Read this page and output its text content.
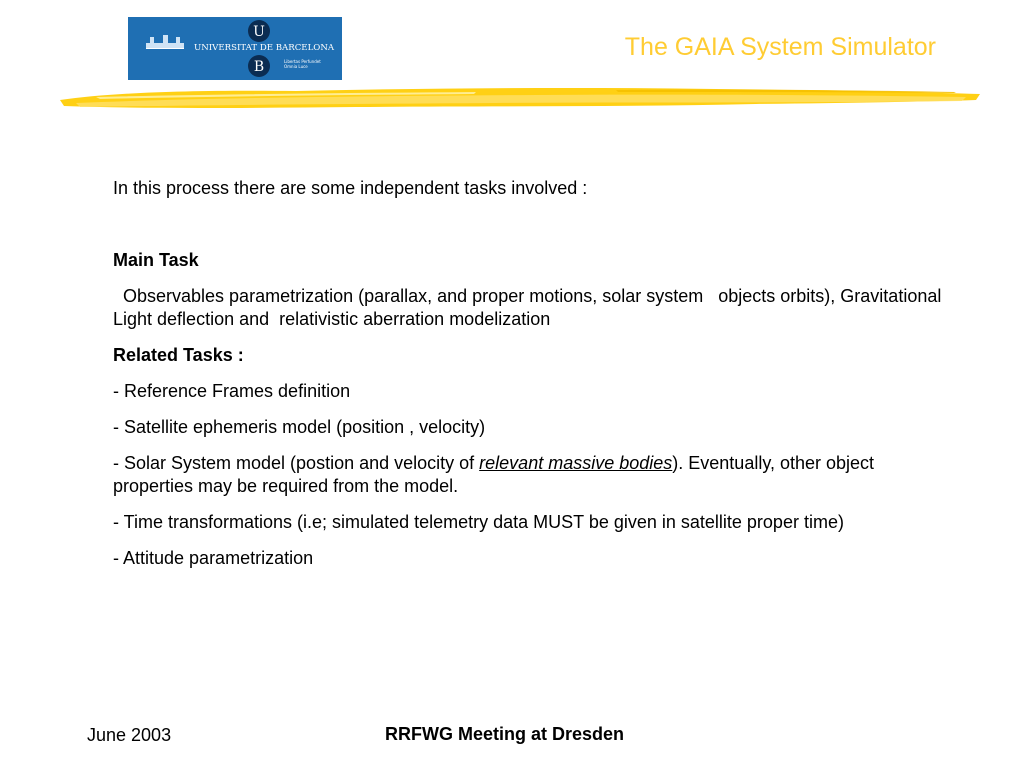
U
B
UNIVERSITAT DE BARCELONA
Libertas Perfundet
Omnia Luce
The GAIA System Simulator

In this process there are some independent tasks involved :

Main Task

Observables parametrization (parallax, and proper motions, solar system   objects orbits), Gravitational Light deflection and  relativistic aberration modelization

Related Tasks :

- Reference Frames definition

- Satellite ephemeris model (position , velocity)

- Solar System model (postion and velocity of relevant massive bodies). Eventually, other object properties may be required from the model.

- Time transformations (i.e; simulated telemetry data MUST be given in satellite proper time)

- Attitude parametrization

June 2003	RRFWG Meeting at Dresden
